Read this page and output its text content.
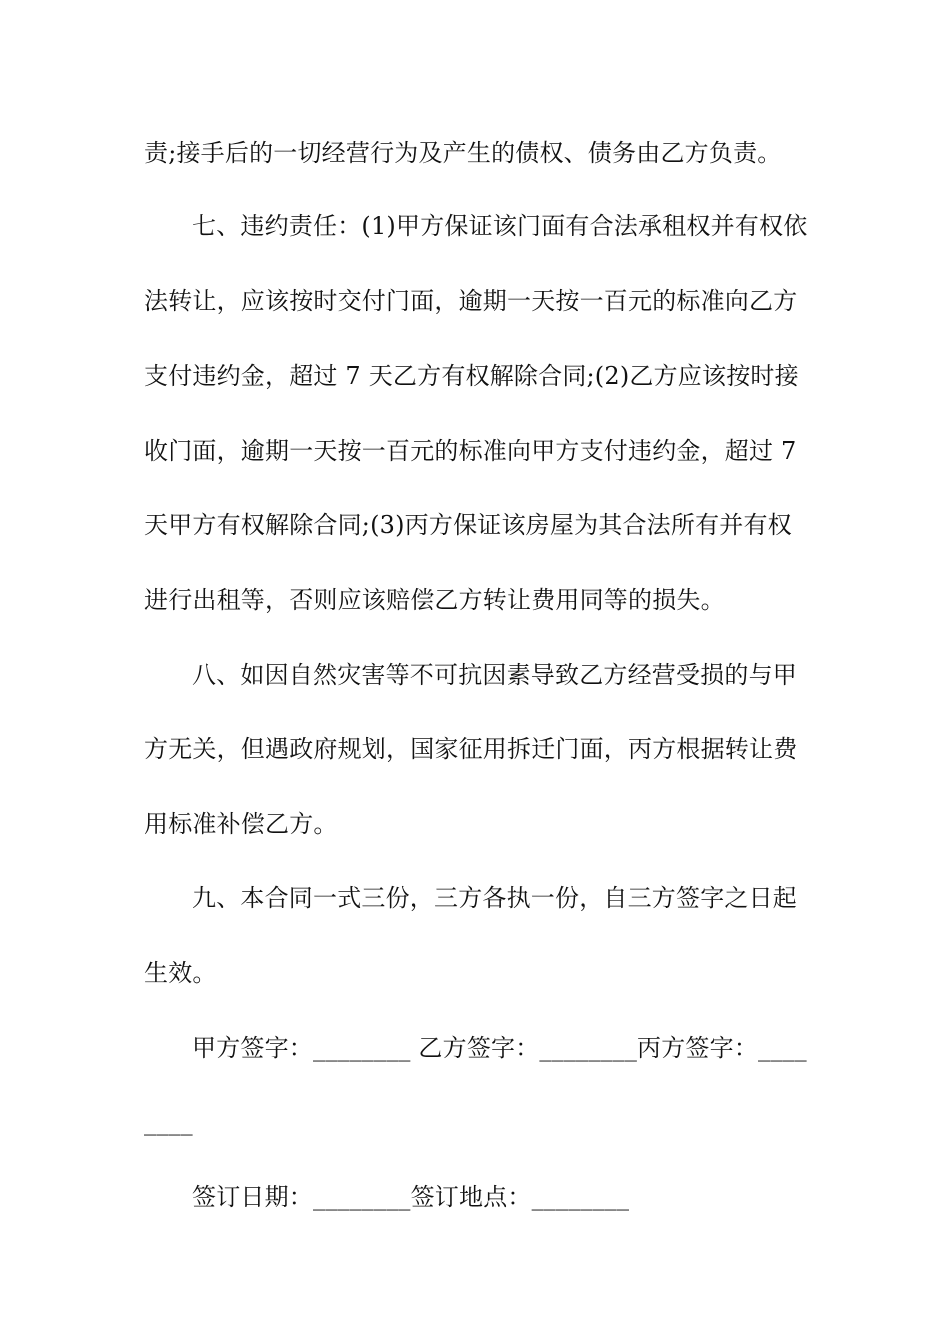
责;接手后的一切经营行为及产生的债权、债务由乙方负责。
七、违约责任：(1)甲方保证该门面有合法承租权并有权依
法转让，应该按时交付门面，逾期一天按一百元的标准向乙方
支付违约金，超过 7 天乙方有权解除合同;(2)乙方应该按时接
收门面，逾期一天按一百元的标准向甲方支付违约金，超过 7
天甲方有权解除合同;(3)丙方保证该房屋为其合法所有并有权
进行出租等，否则应该赔偿乙方转让费用同等的损失。
八、如因自然灾害等不可抗因素导致乙方经营受损的与甲
方无关，但遇政府规划，国家征用拆迁门面，丙方根据转让费
用标准补偿乙方。
九、本合同一式三份，三方各执一份，自三方签字之日起
生效。
甲方签字：________ 乙方签字：________丙方签字：____
____
签订日期：________签订地点：________
